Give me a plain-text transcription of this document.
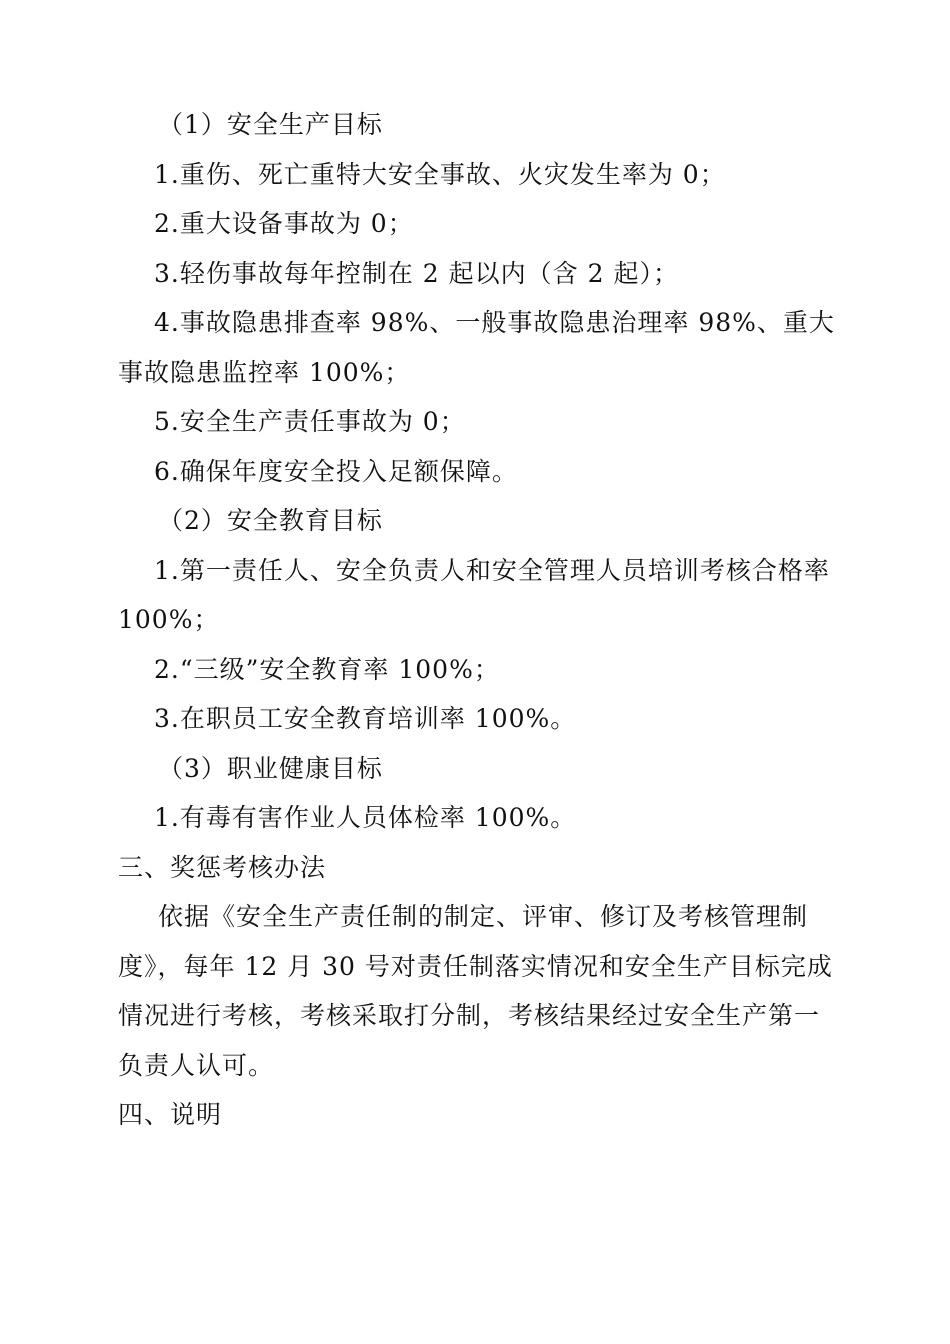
（1）安全生产目标

1.重伤、死亡重特大安全事故、火灾发生率为 0；

2.重大设备事故为 0；

3.轻伤事故每年控制在 2 起以内（含 2 起）；

4.事故隐患排查率 98%、一般事故隐患治理率 98%、重大事故隐患监控率 100%；

5.安全生产责任事故为 0；

6.确保年度安全投入足额保障。

（2）安全教育目标

1.第一责任人、安全负责人和安全管理人员培训考核合格率 100%；

2.“三级”安全教育率 100%；

3.在职员工安全教育培训率 100%。

（3）职业健康目标

1.有毒有害作业人员体检率 100%。

三、奖惩考核办法

依据《安全生产责任制的制定、评审、修订及考核管理制度》，每年 12 月 30 号对责任制落实情况和安全生产目标完成情况进行考核，考核采取打分制，考核结果经过安全生产第一负责人认可。

四、说明
